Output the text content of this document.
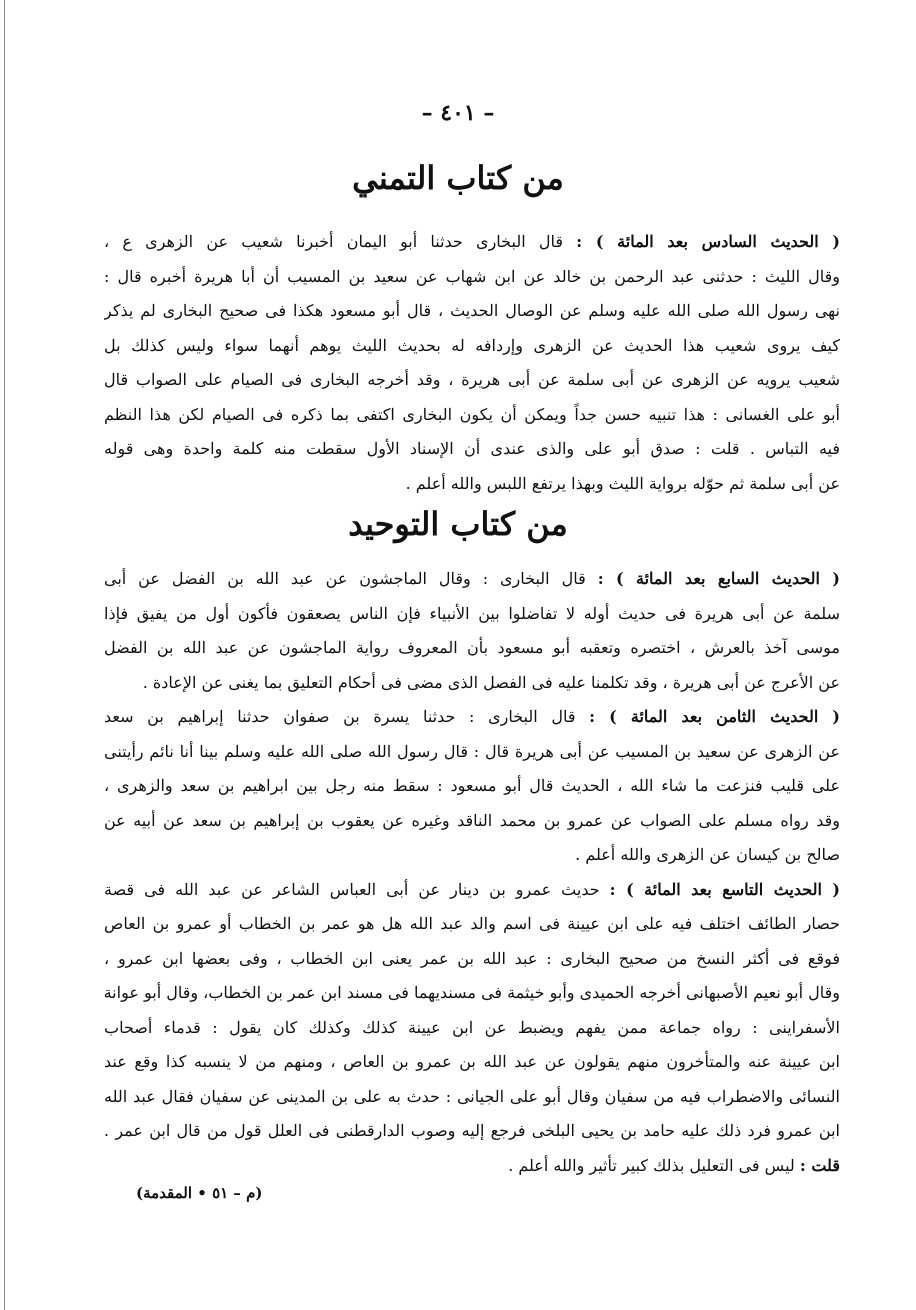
– ٤٠١ –
من كتاب التمني
( الحديث السادس بعد المائة ) : قال البخارى حدثنا أبو اليمان أخبرنا شعيب عن الزهرى ع ،
وقال الليث : حدثنى عبد الرحمن بن خالد عن ابن شهاب عن سعيد بن المسيب أن أبا هريرة أخبره قال :
نهى رسول الله صلى الله عليه وسلم عن الوصال الحديث ، قال أبو مسعود هكذا فى صحيح البخارى لم يذكر
كيف يروى شعيب هذا الحديث عن الزهرى وإردافه له بحديث الليث يوهم أنهما سواء وليس كذلك بل
شعيب يرويه عن الزهرى عن أبى سلمة عن أبى هريرة ، وقد أخرجه البخارى فى الصيام على الصواب قال
أبو على الغسانى : هذا تنبيه حسن جداً ويمكن أن يكون البخارى اكتفى بما ذكره فى الصيام لكن هذا النظم
فيه التباس . قلت : صدق أبو على والذى عندى أن الإسناد الأول سقطت منه كلمة واحدة وهى قوله
عن أبى سلمة ثم حوّله برواية الليث وبهذا يرتفع اللبس والله أعلم .
من كتاب التوحيد
( الحديث السابع بعد المائة ) : قال البخارى : وقال الماجشون عن عبد الله بن الفضل عن أبى
سلمة عن أبى هريرة فى حديث أوله لا تفاضلوا بين الأنبياء فإن الناس يصعقون فأكون أول من يفيق فإذا
موسى آخذ بالعرش ، اختصره وتعقبه أبو مسعود بأن المعروف رواية الماجشون عن عبد الله بن الفضل
عن الأعرج عن أبى هريرة ، وقد تكلمنا عليه فى الفصل الذى مضى فى أحكام التعليق بما يغنى عن الإعادة .
( الحديث الثامن بعد المائة ) : قال البخارى : حدثنا يسرة بن صفوان حدثنا إبراهيم بن سعد
عن الزهرى عن سعيد بن المسيب عن أبى هريرة قال : قال رسول الله صلى الله عليه وسلم بينا أنا نائم رأيتنى
على قليب فنزعت ما شاء الله ، الحديث قال أبو مسعود : سقط منه رجل بين ابراهيم بن سعد والزهرى ،
وقد رواه مسلم على الصواب عن عمرو بن محمد الناقد وغيره عن يعقوب بن إبراهيم بن سعد عن أبيه عن
صالح بن كيسان عن الزهرى والله أعلم .
( الحديث التاسع بعد المائة ) : حديث عمرو بن دينار عن أبى العباس الشاعر عن عبد الله فى قصة
حصار الطائف اختلف فيه على ابن عيينة فى اسم والد عبد الله هل هو عمر بن الخطاب أو عمرو بن العاص
فوقع فى أكثر النسخ من صحيح البخارى : عبد الله بن عمر يعنى ابن الخطاب ، وفى بعضها ابن عمرو ،
وقال أبو نعيم الأصبهانى أخرجه الحميدى وأبو خيثمة فى مسنديهما فى مسند ابن عمر بن الخطاب، وقال أبو عوانة
الأسفراينى : رواه جماعة ممن يفهم ويضبط عن ابن عيينة كذلك وكذلك كان يقول : قدماء أصحاب
ابن عيينة عنه والمتأخرون منهم يقولون عن عبد الله بن عمرو بن العاص ، ومنهم من لا ينسبه كذا وقع عند
النسائى والاضطراب فيه من سفيان وقال أبو على الجيانى : حدث به على بن المدينى عن سفيان فقال عبد الله
ابن عمرو فرد ذلك عليه حامد بن يحيى البلخى فرجع إليه وصوب الدارقطنى فى العلل قول من قال ابن عمر .
قلت : ليس فى التعليل بذلك كبير تأثير والله أعلم .
(م – ٥١ • المقدمة)
